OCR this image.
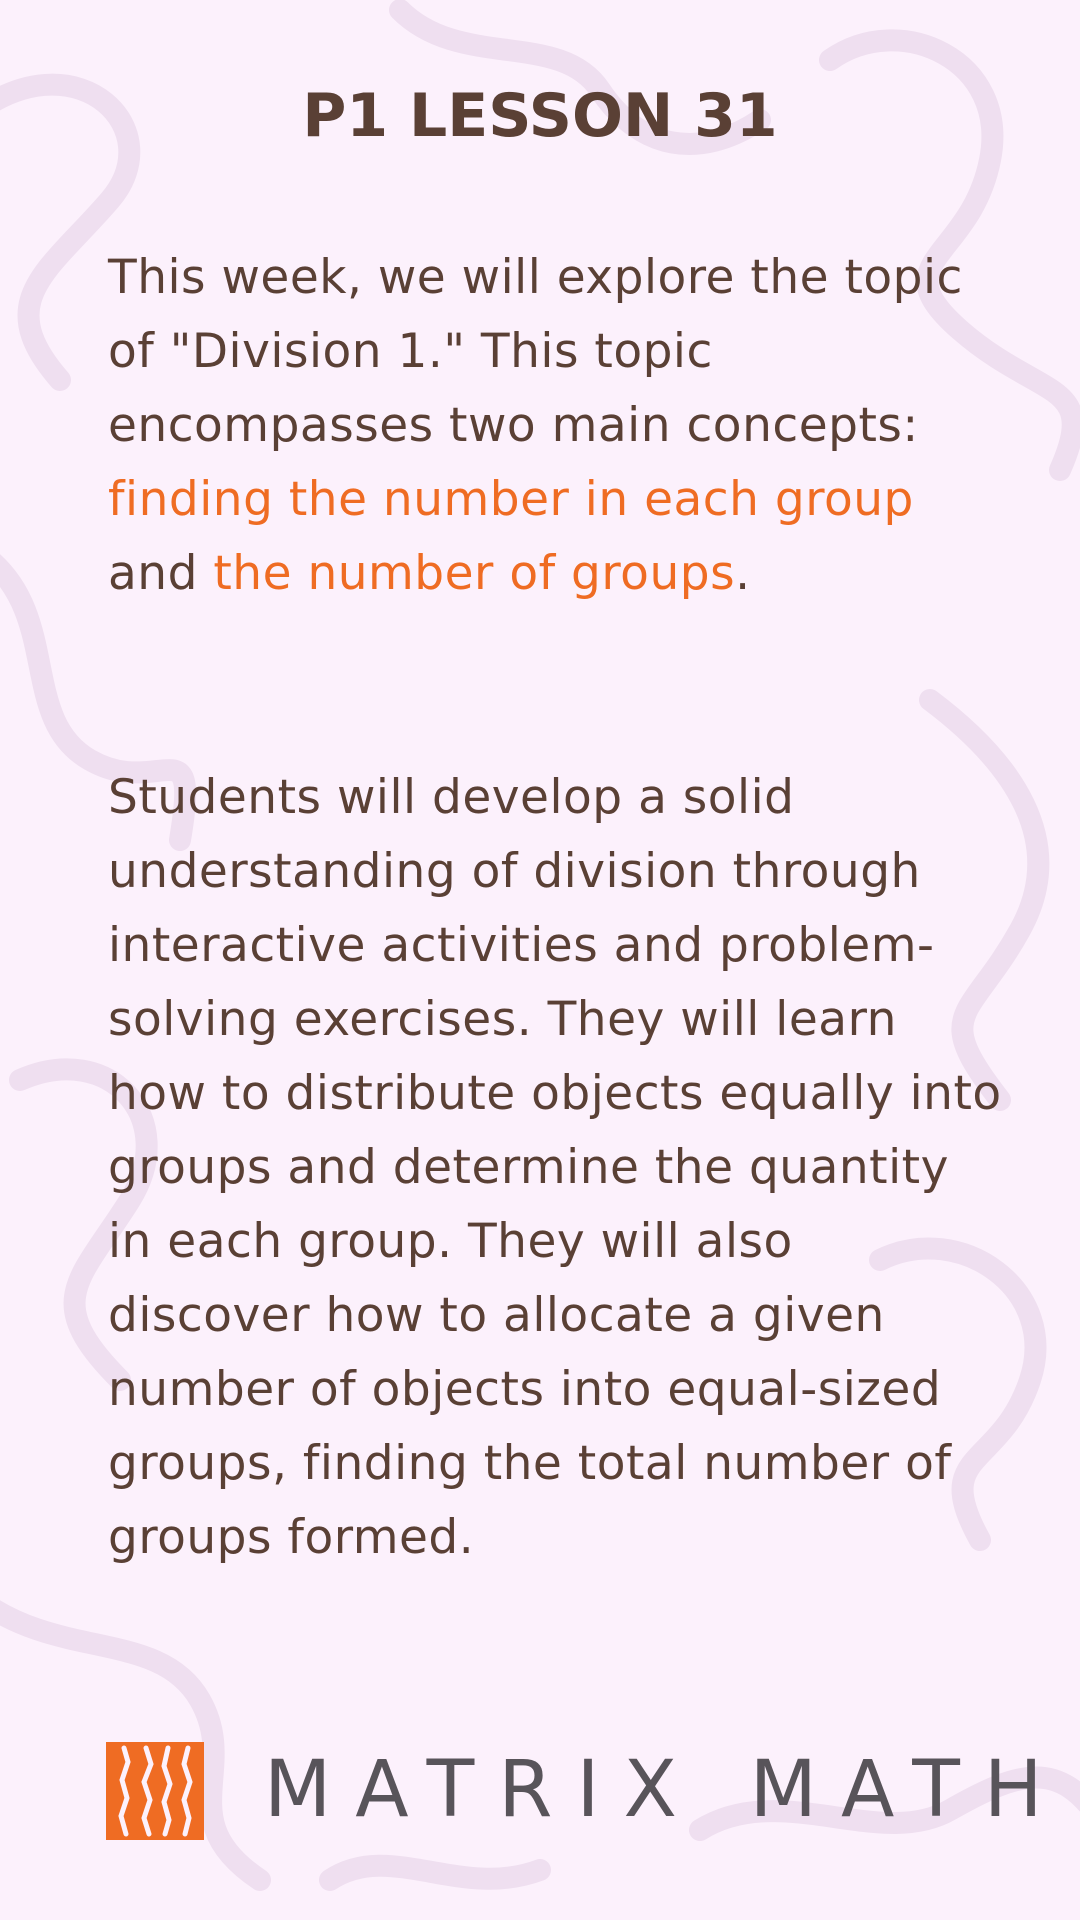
P1 LESSON 31

This week, we will explore the topic of "Division 1." This topic encompasses two main concepts: finding the number in each group and the number of groups.

Students will develop a solid understanding of division through interactive activities and problem-solving exercises. They will learn how to distribute objects equally into groups and determine the quantity in each group. They will also discover how to allocate a given number of objects into equal-sized groups, finding the total number of groups formed.

MATRIX MATH
